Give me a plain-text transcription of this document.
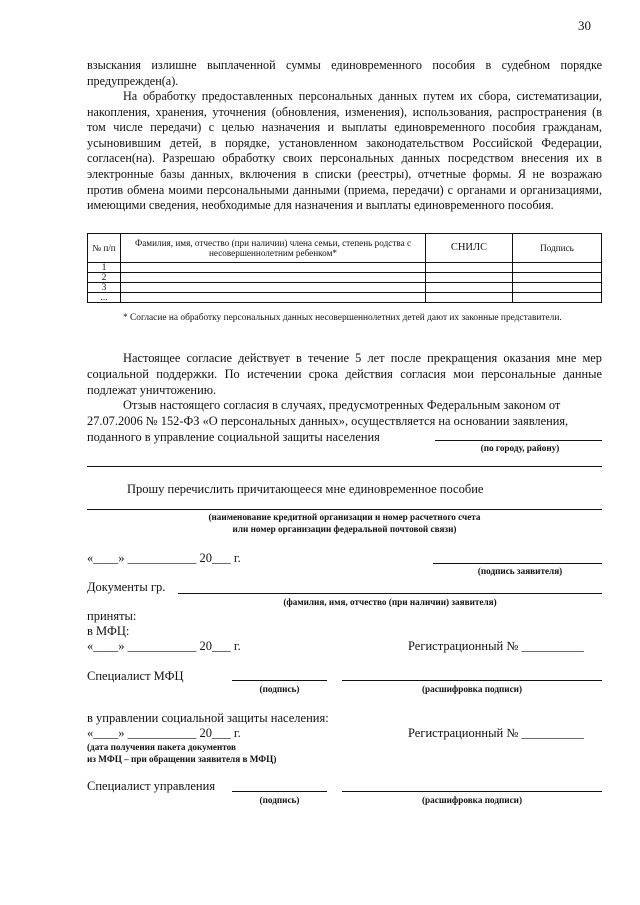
30
взыскания излишне выплаченной суммы единовременного пособия в судебном порядке предупрежден(а).
На обработку предоставленных персональных данных путем их сбора, систематизации, накопления, хранения, уточнения (обновления, изменения), использования, распространения (в том числе передачи) с целью назначения и выплаты единовременного пособия гражданам, усыновившим детей, в порядке, установленном законодательством Российской Федерации, согласен(на). Разрешаю обработку своих персональных данных посредством внесения их в электронные базы данных, включения в списки (реестры), отчетные формы. Я не возражаю против обмена моими персональными данными (приема, передачи) с органами и организациями, имеющими сведения, необходимые для назначения и выплаты единовременного пособия.
№ п/п	Фамилия, имя, отчество (при наличии) члена семьи, степень родства с несовершеннолетним ребенком*	СНИЛС	Подпись
1			
2			
3			
...			
* Согласие на обработку персональных данных несовершеннолетних детей дают их законные представители.
Настоящее согласие действует в течение 5 лет после прекращения оказания мне мер социальной поддержки. По истечении срока действия согласия мои персональные данные подлежат уничтожению.
Отзыв настоящего согласия в случаях, предусмотренных Федеральным законом от 27.07.2006 № 152-ФЗ «О персональных данных», осуществляется на основании заявления, поданного в управление социальной защиты населения
(по городу, району)
Прошу перечислить причитающееся мне единовременное пособие
(наименование кредитной организации и номер расчетного счета
или номер организации федеральной почтовой связи)
«____» ___________ 20___ г.
(подпись заявителя)
Документы гр.
(фамилия, имя, отчество (при наличии) заявителя)
приняты:
в МФЦ:
«____» ___________ 20___ г.	Регистрационный № __________
Специалист МФЦ
(подпись)	(расшифровка подписи)
в управлении социальной защиты населения:
«____» ___________ 20___ г.	Регистрационный № __________
(дата получения пакета документов
из МФЦ – при обращении заявителя в МФЦ)
Специалист управления
(подпись)	(расшифровка подписи)
